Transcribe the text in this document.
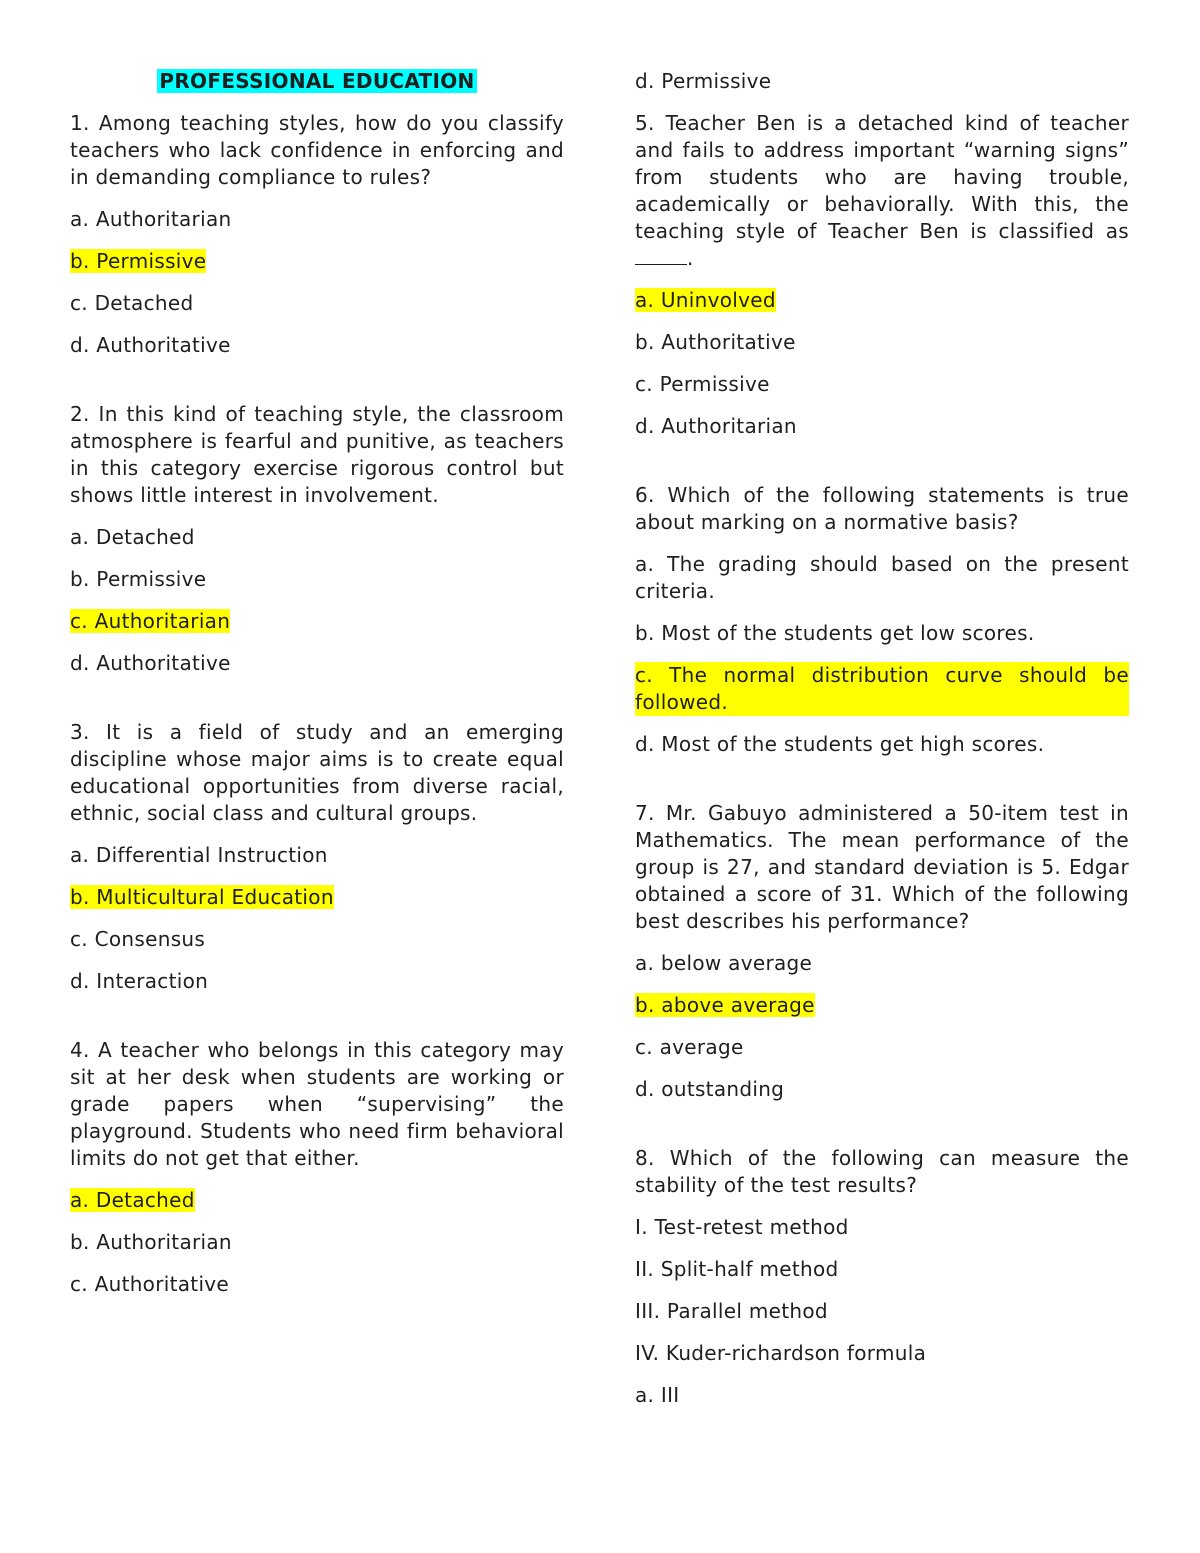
PROFESSIONAL EDUCATION

1. Among teaching styles, how do you classify teachers who lack confidence in enforcing and in demanding compliance to rules?

a. Authoritarian

b. Permissive

c. Detached

d. Authoritative

2. In this kind of teaching style, the classroom atmosphere is fearful and punitive, as teachers in this category exercise rigorous control but shows little interest in involvement.

a. Detached

b. Permissive

c. Authoritarian

d. Authoritative

3. It is a field of study and an emerging discipline whose major aims is to create equal educational opportunities from diverse racial, ethnic, social class and cultural groups.

a. Differential Instruction

b. Multicultural Education

c. Consensus

d. Interaction

4. A teacher who belongs in this category may sit at her desk when students are working or grade papers when “supervising” the playground. Students who need firm behavioral limits do not get that either.

a. Detached

b. Authoritarian

c. Authoritative

d. Permissive

5. Teacher Ben is a detached kind of teacher and fails to address important “warning signs” from students who are having trouble, academically or behaviorally. With this, the teaching style of Teacher Ben is classified as .

a. Uninvolved

b. Authoritative

c. Permissive

d. Authoritarian

6. Which of the following statements is true about marking on a normative basis?

a. The grading should based on the present criteria.

b. Most of the students get low scores.

c. The normal distribution curve should be followed.

d. Most of the students get high scores.

7. Mr. Gabuyo administered a 50-item test in Mathematics. The mean performance of the group is 27, and standard deviation is 5. Edgar obtained a score of 31. Which of the following best describes his performance?

a. below average

b. above average

c. average

d. outstanding

8. Which of the following can measure the stability of the test results?

I. Test-retest method

II. Split-half method

III. Parallel method

IV. Kuder-richardson formula

a. III
